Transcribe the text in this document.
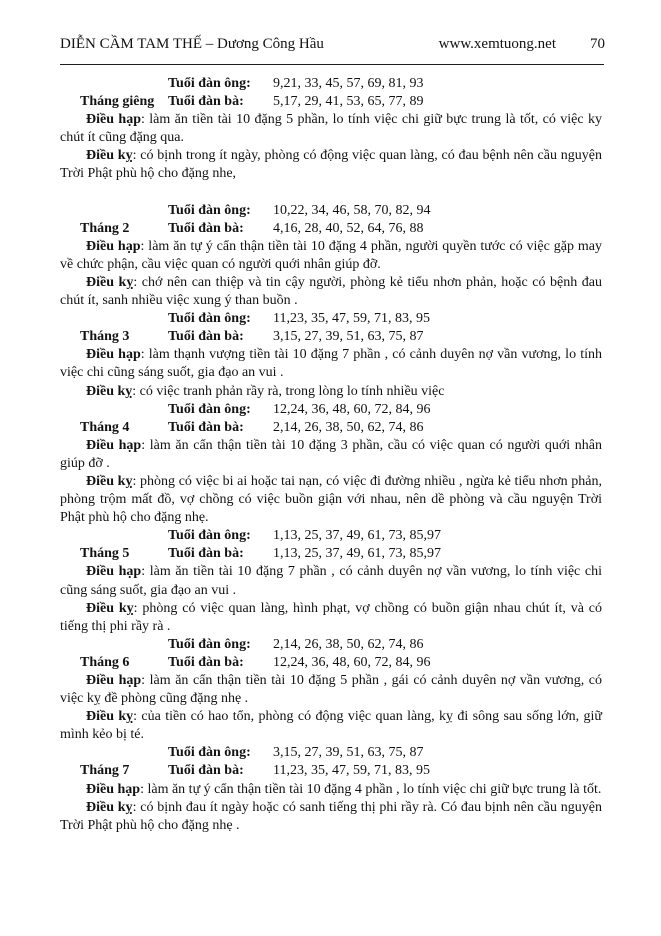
DIỄN CẦM TAM THẾ – Dương Công Hầu	www.xemtuong.net 70
Tuổi đàn ông:	9,21, 33, 45, 57, 69, 81, 93
Tháng giêng Tuổi đàn bà:	5,17, 29, 41, 53, 65, 77, 89

Điều hạp: làm ăn tiền tài 10 đặng 5 phần, lo tính việc chi giữ bực trung là tốt, có việc ky chút ít cũng đặng qua.

Điều kỵ: có bịnh trong ít ngày, phòng có động việc quan làng, có đau bệnh nên cầu nguyện Trời Phật phù hộ cho đặng nhe,

Tuổi đàn ông:	10,22, 34, 46, 58, 70, 82, 94
Tháng 2	Tuổi đàn bà:	4,16, 28, 40, 52, 64, 76, 88

Điều hạp: làm ăn tự ý cẩn thận tiền tài 10 đặng 4 phần, người quyền tước có việc gặp may về chức phận, cầu việc quan có người quới nhân giúp đỡ.

Điều kỵ: chớ nên can thiệp và tin cậy người, phòng kẻ tiểu nhơn phản, hoặc có bệnh đau chút ít, sanh nhiều việc xung ý than buồn .

Tuổi đàn ông:	11,23, 35, 47, 59, 71, 83, 95
Tháng 3	Tuổi đàn bà:	3,15, 27, 39, 51, 63, 75, 87

Điều hạp: làm thạnh vượng tiền tài 10 đặng 7 phần , có cảnh duyên nợ vần vương, lo tính việc chi cũng sáng suốt, gia đạo an vui .

Điều kỵ: có việc tranh phản rầy rà, trong lòng lo tính nhiều việc

Tuổi đàn ông:	12,24, 36, 48, 60, 72, 84, 96
Tháng 4	Tuổi đàn bà:	2,14, 26, 38, 50, 62, 74, 86

Điều hạp: làm ăn cẩn thận tiền tài 10 đặng 3 phần, cầu có việc quan có người quới nhân giúp đỡ .

Điều kỵ: phòng có việc bi ai hoặc tai nạn, có việc đi đường nhiều , ngừa kẻ tiểu nhơn phản, phòng trộm mất đồ, vợ chồng có việc buồn giận với nhau, nên dề phòng và cầu nguyện Trời Phật phù hộ cho đặng nhẹ.

Tuổi đàn ông:	1,13, 25, 37, 49, 61, 73, 85,97
Tháng 5	Tuổi đàn bà:	1,13, 25, 37, 49, 61, 73, 85,97

Điều hạp: làm ăn tiền tài 10 đặng 7 phần , có cảnh duyên nợ vần vương, lo tính việc chi cũng sáng suốt, gia đạo an vui .

Điều kỵ: phòng có việc quan làng, hình phạt, vợ chồng có buồn giận nhau chút ít, và có tiếng thị phi rầy rà .

Tuổi đàn ông:	2,14, 26, 38, 50, 62, 74, 86
Tháng 6	Tuổi đàn bà:	12,24, 36, 48, 60, 72, 84, 96

Điều hạp: làm ăn cẩn thận tiền tài 10 đặng 5 phần , gái có cảnh duyên nợ vần vương, có việc kỵ đề phòng cũng đặng nhẹ .

Điều kỵ: của tiền có hao tổn, phòng có động việc quan làng, kỵ đi sông sau sống lớn, giữ mình kẻo bị té.

Tuổi đàn ông:	3,15, 27, 39, 51, 63, 75, 87
Tháng 7	Tuổi đàn bà:	11,23, 35, 47, 59, 71, 83, 95

Điều hạp: làm ăn tự ý cẩn thận tiền tài 10 đặng 4 phần , lo tính việc chi giữ bực trung là tốt.

Điều kỵ: có bịnh đau ít ngày hoặc có sanh tiếng thị phi rầy rà. Có đau bịnh nên cầu nguyện Trời Phật phù hộ cho đặng nhẹ .
